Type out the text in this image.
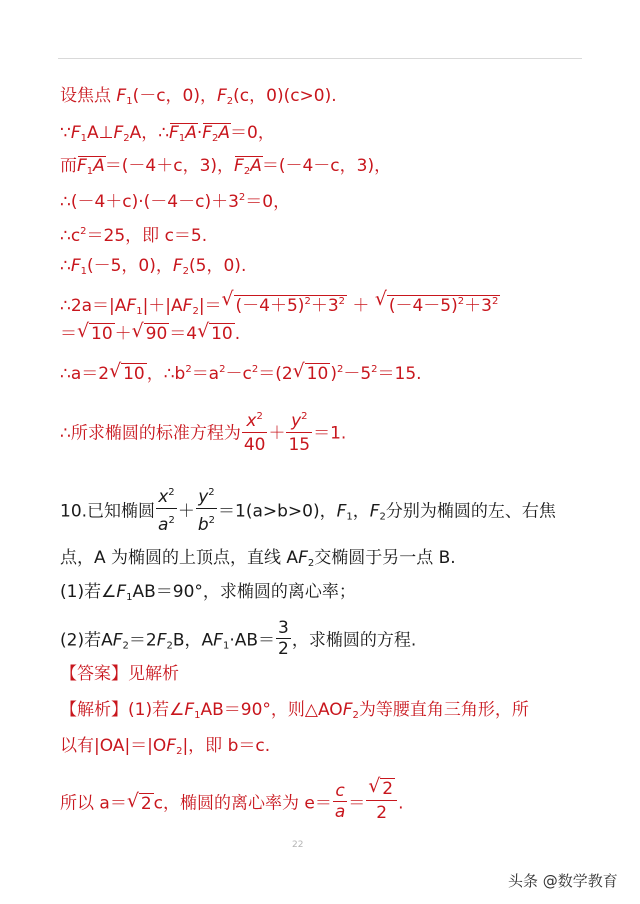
设焦点 $F_1(-c$，0)，$F_2(c$，0)(c>0).
$\because F_1A\perp F_2A$，$\therefore F_1A\cdot F_2A=0$，
而$F_1A=(-4+c$，3)，$F_2A=(-4-c$，3)，
$\therefore(-4+c)\cdot(-4-c)+3^2=0$，
$\therefore c^2=25$，即 c＝5.
$\therefore F_1(-5$，0)，$F_2(5$，0).
$\therefore 2a=|AF_1|+|AF_2|=√$ $(-4+5)^2+3^2$ ＋ √ $(-4-5)^2+3^2$
＝√ 10 ＋√ 90 ＝4√ 10 .
∴a＝2√ 10 ，$\therefore b^2=a^2-c^2=(2√$ 10 )$^2-5^2=15$.
∴所求椭圆的标准方程为 $\frac{x^2}{40} + \frac{y^2}{15} =1$.
10.已知椭圆 $\frac{x^2}{a^2} + \frac{y^2}{b^2} =1(a>b>0)$，$F_1$，$F_2$分别为椭圆的左、右焦
点，A 为椭圆的上顶点，直线 $AF_2$交椭圆于另一点 B.
(1)若$\angle F_1AB=90^\circ$，求椭圆的离心率；
(2)若$AF_2=2F_2B$，$AF_1\cdot AB= \frac{3}{2}$ ，求椭圆的方程.
【答案】见解析
【解析】(1)若$\angle F_1AB=90^\circ$，则$\triangle AOF_2$为等腰直角三角形，所
以有$|OA|=|OF_2|$，即 b＝c.
所以 a＝√ 2 c，椭圆的离心率为 $e= \frac{c}{a}$ ＝
√ $\frac{2}{2}$ .
22
头条 @数学教育
